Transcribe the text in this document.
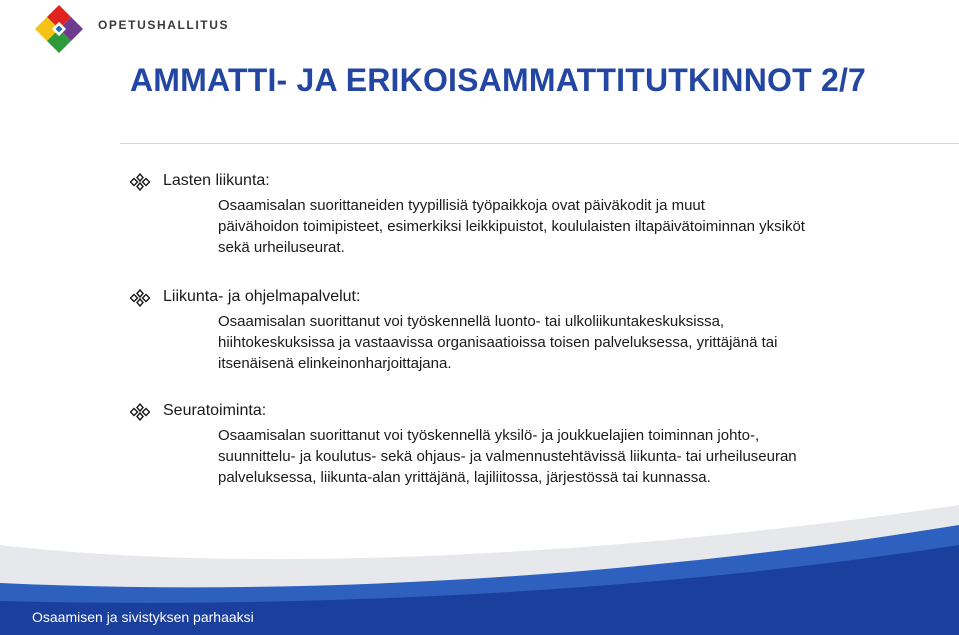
OPETUSHALLITUS
AMMATTI- JA ERIKOISAMMATTITUTKINNOT 2/7
Lasten liikunta:

Osaamisalan suorittaneiden tyypillisiä työpaikkoja ovat päiväkodit ja muut
päivähoidon toimipisteet, esimerkiksi leikkipuistot, koululaisten iltapäivätoiminnan yksiköt
sekä urheiluseurat.

Liikunta- ja ohjelmapalvelut:

Osaamisalan suorittanut voi työskennellä luonto- tai ulkoliikuntakeskuksissa,
hiihtokeskuksissa ja vastaavissa organisaatioissa toisen palveluksessa, yrittäjänä tai
itsenäisenä elinkeinonharjoittajana.

Seuratoiminta:

Osaamisalan suorittanut voi työskennellä yksilö- ja joukkuelajien toiminnan johto-,
suunnittelu- ja koulutus- sekä ohjaus- ja valmennustehtävissä liikunta- tai urheiluseuran
palveluksessa, liikunta-alan yrittäjänä, lajiliitossa, järjestössä tai kunnassa.

Osaamisen ja sivistyksen parhaaksi
